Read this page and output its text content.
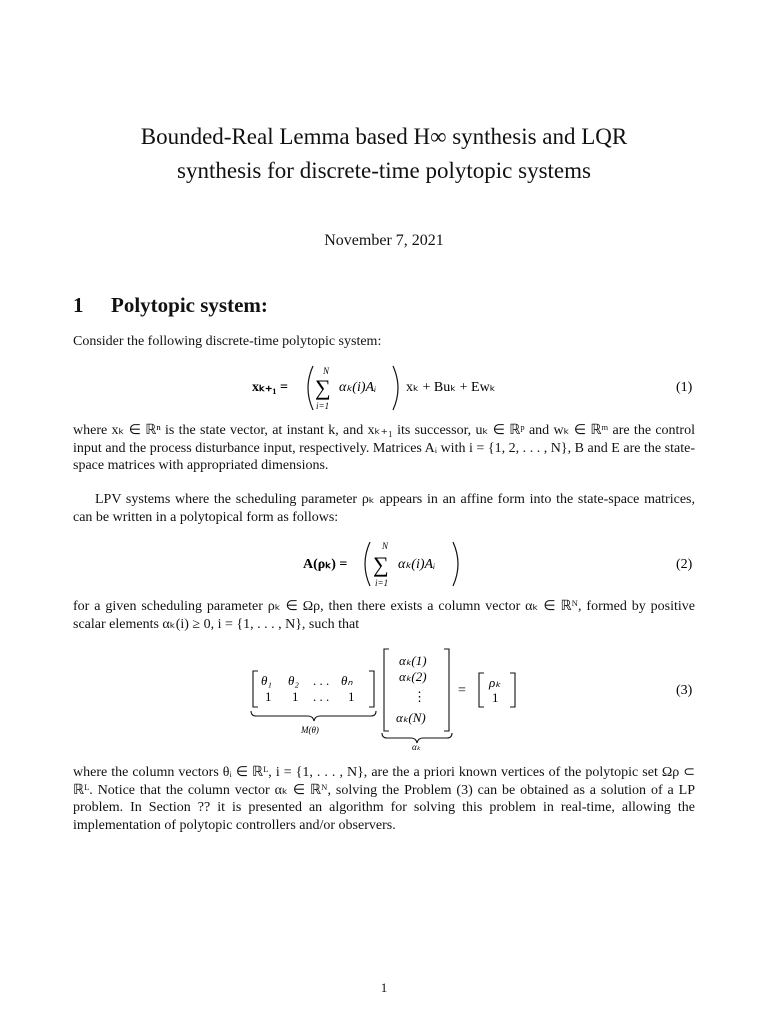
Bounded-Real Lemma based H∞ synthesis and LQR
synthesis for discrete-time polytopic systems
November 7, 2021
1 Polytopic system:
Consider the following discrete-time polytopic system:
xₖ₊₁ =
N
∑
i=1
αₖ(i)Aᵢ xₖ + Buₖ + Ewₖ	(1)
where xₖ ∈ ℝⁿ is the state vector, at instant k, and xₖ₊₁ its successor, uₖ ∈ ℝᵖ and wₖ ∈ ℝᵐ are the control input and the process disturbance input, respectively. Matrices Aᵢ with i = {1, 2, . . . , N}, B and E are the state-space matrices with appropriated dimensions.
LPV systems where the scheduling parameter ρₖ appears in an affine form into the state-space matrices, can be written in a polytopical form as follows:
A(ρₖ) =
N
∑
i=1
αₖ(i)Aᵢ	(2)
for a given scheduling parameter ρₖ ∈ Ωρ, then there exists a column vector αₖ ∈ ℝᴺ, formed by positive scalar elements αₖ(i) ≥ 0, i = {1, . . . , N}, such that
θ₁ θ₂ . . . θₙ
1 1 . . . 1
M(θ)
αₖ(1)
αₖ(2)
⋮
αₖ(N)
αₖ
=
ρₖ
1	(3)
where the column vectors θᵢ ∈ ℝᴸ, i = {1, . . . , N}, are the a priori known vertices of the polytopic set Ωρ ⊂ ℝᴸ. Notice that the column vector αₖ ∈ ℝᴺ, solving the Problem (3) can be obtained as a solution of a LP problem. In Section ?? it is presented an algorithm for solving this problem in real-time, allowing the implementation of polytopic controllers and/or observers.
1
